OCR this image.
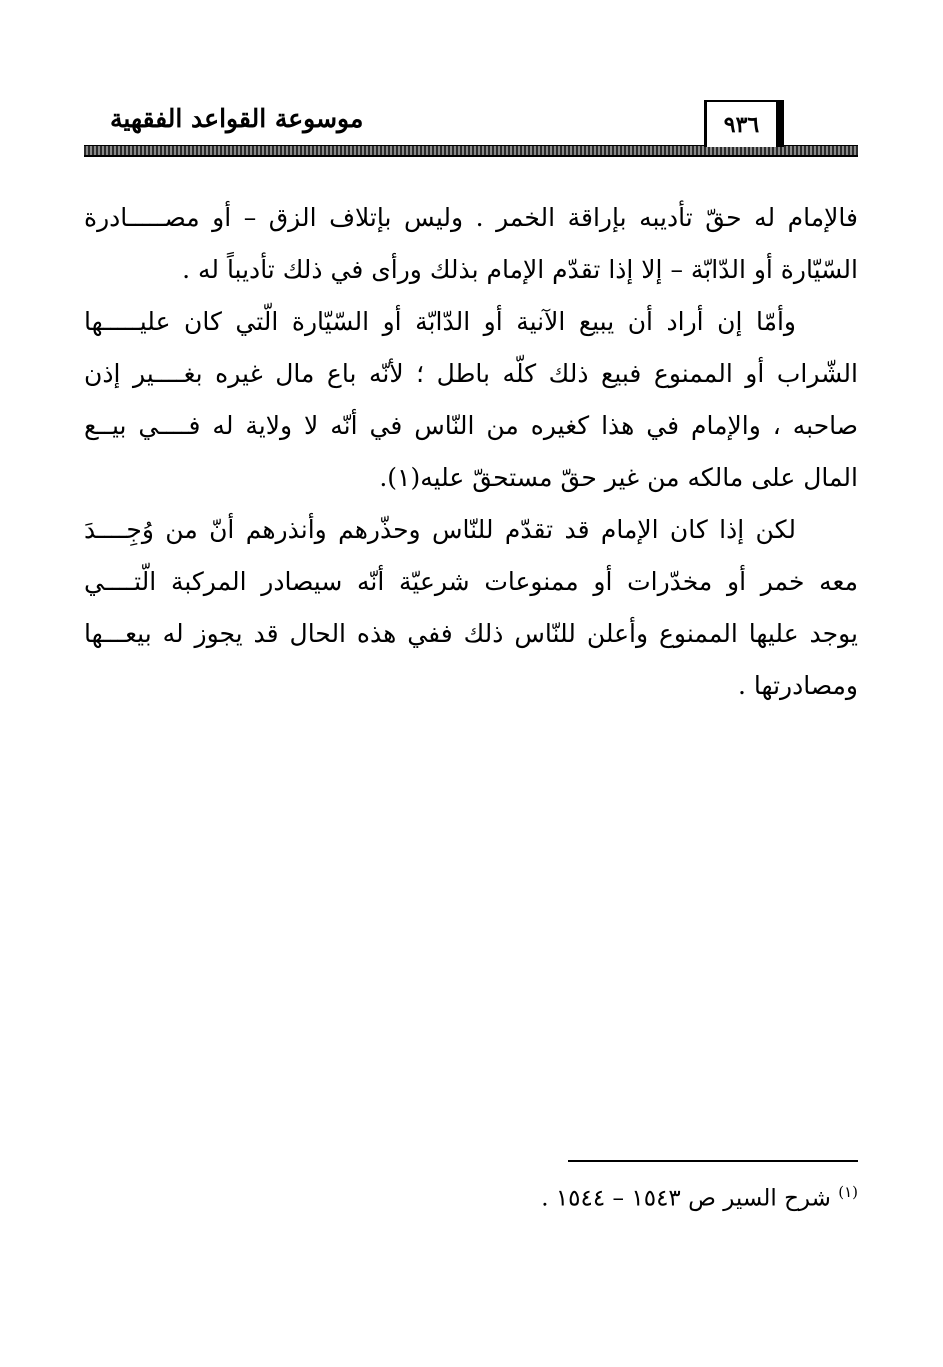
موسوعة القواعد الفقهية	٩٣٦
فالإمام له حقّ تأديبه بإراقة الخمر . وليس بإتلاف الزق – أو مصـــــادرة
السّيّارة أو الدّابّة – إلا إذا تقدّم الإمام بذلك ورأى في ذلك تأديباً له .
وأمّا إن أراد أن يبيع الآنية أو الدّابّة أو السّيّارة الّتي كان عليـــــها
الشّراب أو الممنوع فبيع ذلك كلّه باطل ؛ لأنّه باع مال غيره بغــــير إذن
صاحبه ، والإمام في هذا كغيره من النّاس في أنّه لا ولاية له فــــي بيــع
المال على مالكه من غير حقّ مستحقّ عليه(١).
لكن إذا كان الإمام قد تقدّم للنّاس وحذّرهم وأنذرهم أنّ من وُجِــــدَ
معه خمر أو مخدّرات أو ممنوعات شرعيّة أنّه سيصادر المركبة الّتــــي
يوجد عليها الممنوع وأعلن للنّاس ذلك ففي هذه الحال قد يجوز له بيعـــها
ومصادرتها .
$^{(١)}$ شرح السير ص ١٥٤٣ – ١٥٤٤ .
